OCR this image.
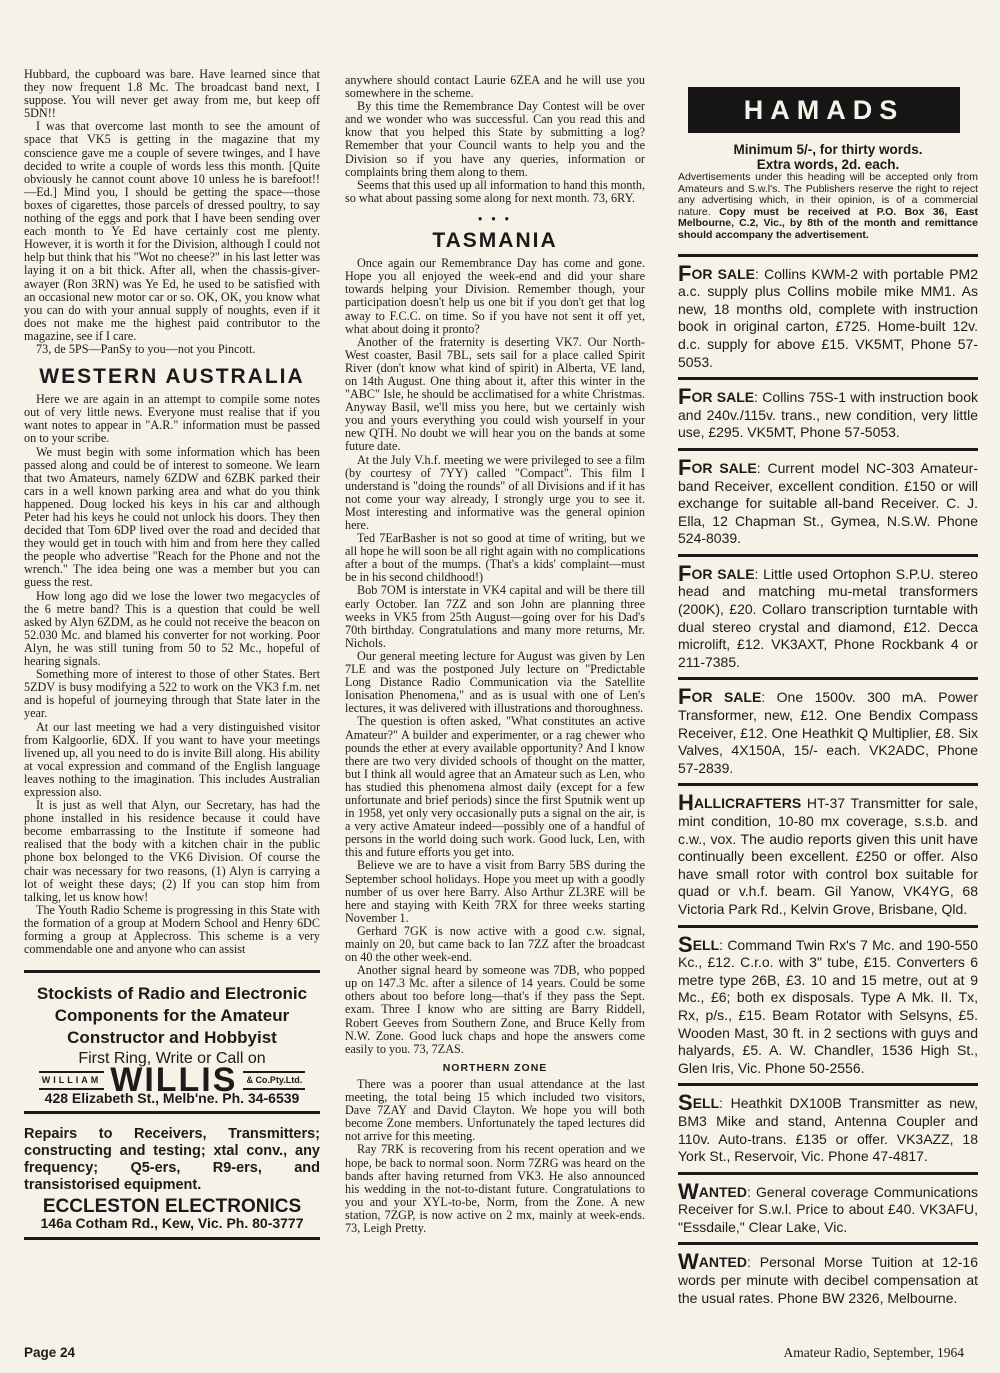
Hubbard, the cupboard was bare. Have learned since that they now frequent 1.8 Mc. The broadcast band next, I suppose. You will never get away from me, but keep off 5DN!!

I was that overcome last month to see the amount of space that VK5 is getting in the magazine that my conscience gave me a couple of severe twinges, and I have decided to write a couple of words less this month. [Quite obviously he cannot count above 10 unless he is barefoot!!—Ed.] Mind you, I should be getting the space—those boxes of cigarettes, those parcels of dressed poultry, to say nothing of the eggs and pork that I have been sending over each month to Ye Ed have certainly cost me plenty. However, it is worth it for the Division, although I could not help but think that his "Wot no cheese?" in his last letter was laying it on a bit thick. After all, when the chassis-giver-awayer (Ron 3RN) was Ye Ed, he used to be satisfied with an occasional new motor car or so. OK, OK, you know what you can do with your annual supply of noughts, even if it does not make me the highest paid contributor to the magazine, see if I care.

73, de 5PS—PanSy to you—not you Pincott.

WESTERN AUSTRALIA

Here we are again in an attempt to compile some notes out of very little news. Everyone must realise that if you want notes to appear in "A.R." information must be passed on to your scribe.

We must begin with some information which has been passed along and could be of interest to someone. We learn that two Amateurs, namely 6ZDW and 6ZBK parked their cars in a well known parking area and what do you think happened. Doug locked his keys in his car and although Peter had his keys he could not unlock his doors. They then decided that Tom 6DP lived over the road and decided that they would get in touch with him and from here they called the people who advertise "Reach for the Phone and not the wrench." The idea being one was a member but you can guess the rest.

How long ago did we lose the lower two megacycles of the 6 metre band? This is a question that could be well asked by Alyn 6ZDM, as he could not receive the beacon on 52.030 Mc. and blamed his converter for not working. Poor Alyn, he was still tuning from 50 to 52 Mc., hopeful of hearing signals.

Something more of interest to those of other States. Bert 5ZDV is busy modifying a 522 to work on the VK3 f.m. net and is hopeful of journeying through that State later in the year.

At our last meeting we had a very distinguished visitor from Kalgoorlie, 6DX. If you want to have your meetings livened up, all you need to do is invite Bill along. His ability at vocal expression and command of the English language leaves nothing to the imagination. This includes Australian expression also.

It is just as well that Alyn, our Secretary, has had the phone installed in his residence because it could have become embarrassing to the Institute if someone had realised that the body with a kitchen chair in the public phone box belonged to the VK6 Division. Of course the chair was necessary for two reasons, (1) Alyn is carrying a lot of weight these days; (2) If you can stop him from talking, let us know how!

The Youth Radio Scheme is progressing in this State with the formation of a group at Modern School and Henry 6DC forming a group at Applecross. This scheme is a very commendable one and anyone who can assist

Stockists of Radio and Electronic
Components for the Amateur
Constructor and Hobbyist
First Ring, Write or Call on
WILLIAM WILLIS	& Co.Pty.Ltd.
428 Elizabeth St., Melb'ne. Ph. 34-6539
Repairs to Receivers, Transmitters; constructing and testing; xtal conv., any frequency; Q5-ers, R9-ers, and transistorised equipment.
ECCLESTON ELECTRONICS
146a Cotham Rd., Kew, Vic. Ph. 80-3777

anywhere should contact Laurie 6ZEA and he will use you somewhere in the scheme.

By this time the Remembrance Day Contest will be over and we wonder who was successful. Can you read this and know that you helped this State by submitting a log? Remember that your Council wants to help you and the Division so if you have any queries, information or complaints bring them along to them.

Seems that this used up all information to hand this month, so what about passing some along for next month. 73, 6RY.

• • •
TASMANIA

Once again our Remembrance Day has come and gone. Hope you all enjoyed the week-end and did your share towards helping your Division. Remember though, your participation doesn't help us one bit if you don't get that log away to F.C.C. on time. So if you have not sent it off yet, what about doing it pronto?

Another of the fraternity is deserting VK7. Our North-West coaster, Basil 7BL, sets sail for a place called Spirit River (don't know what kind of spirit) in Alberta, VE land, on 14th August. One thing about it, after this winter in the "ABC" Isle, he should be acclimatised for a white Christmas. Anyway Basil, we'll miss you here, but we certainly wish you and yours everything you could wish yourself in your new QTH. No doubt we will hear you on the bands at some future date.

At the July V.h.f. meeting we were privileged to see a film (by courtesy of 7YY) called "Compact". This film I understand is "doing the rounds" of all Divisions and if it has not come your way already, I strongly urge you to see it. Most interesting and informative was the general opinion here.

Ted 7EarBasher is not so good at time of writing, but we all hope he will soon be all right again with no complications after a bout of the mumps. (That's a kids' complaint—must be in his second childhood!)

Bob 7OM is interstate in VK4 capital and will be there till early October. Ian 7ZZ and son John are planning three weeks in VK5 from 25th August—going over for his Dad's 70th birthday. Congratulations and many more returns, Mr. Nichols.

Our general meeting lecture for August was given by Len 7LE and was the postponed July lecture on "Predictable Long Distance Radio Communication via the Satellite Ionisation Phenomena," and as is usual with one of Len's lectures, it was delivered with illustrations and thoroughness.

The question is often asked, "What constitutes an active Amateur?" A builder and experimenter, or a rag chewer who pounds the ether at every available opportunity? And I know there are two very divided schools of thought on the matter, but I think all would agree that an Amateur such as Len, who has studied this phenomena almost daily (except for a few unfortunate and brief periods) since the first Sputnik went up in 1958, yet only very occasionally puts a signal on the air, is a very active Amateur indeed—possibly one of a handful of persons in the world doing such work. Good luck, Len, with this and future efforts you get into.

Believe we are to have a visit from Barry 5BS during the September school holidays. Hope you meet up with a goodly number of us over here Barry. Also Arthur ZL3RE will be here and staying with Keith 7RX for three weeks starting November 1.

Gerhard 7GK is now active with a good c.w. signal, mainly on 20, but came back to Ian 7ZZ after the broadcast on 40 the other week-end.

Another signal heard by someone was 7DB, who popped up on 147.3 Mc. after a silence of 14 years. Could be some others about too before long—that's if they pass the Sept. exam. Three I know who are sitting are Barry Riddell, Robert Geeves from Southern Zone, and Bruce Kelly from N.W. Zone. Good luck chaps and hope the answers come easily to you. 73, 7ZAS.

NORTHERN ZONE

There was a poorer than usual attendance at the last meeting, the total being 15 which included two visitors, Dave 7ZAY and David Clayton. We hope you will both become Zone members. Unfortunately the taped lectures did not arrive for this meeting.

Ray 7RK is recovering from his recent operation and we hope, be back to normal soon. Norm 7ZRG was heard on the bands after having returned from VK3. He also announced his wedding in the not-to-distant future. Congratulations to you and your XYL-to-be, Norm, from the Zone. A new station, 7ZGP, is now active on 2 mx, mainly at week-ends. 73, Leigh Pretty.

HAMADS
Minimum 5/-, for thirty words.
Extra words, 2d. each.
Advertisements under this heading will be accepted only from Amateurs and S.w.l's. The Publishers reserve the right to reject any advertising which, in their opinion, is of a commercial nature. Copy must be received at P.O. Box 36, East Melbourne, C.2, Vic., by 8th of the month and remittance should accompany the advertisement.
FOR SALE: Collins KWM-2 with portable PM2 a.c. supply plus Collins mobile mike MM1. As new, 18 months old, complete with instruction book in original carton, £725. Home-built 12v. d.c. supply for above £15. VK5MT, Phone 57-5053.
FOR SALE: Collins 75S-1 with instruction book and 240v./115v. trans., new condition, very little use, £295. VK5MT, Phone 57-5053.
FOR SALE: Current model NC-303 Amateur-band Receiver, excellent condition. £150 or will exchange for suitable all-band Receiver. C. J. Ella, 12 Chapman St., Gymea, N.S.W. Phone 524-8039.
FOR SALE: Little used Ortophon S.P.U. stereo head and matching mu-metal transformers (200K), £20. Collaro transcription turntable with dual stereo crystal and diamond, £12. Decca microlift, £12. VK3AXT, Phone Rockbank 4 or 211-7385.
FOR SALE: One 1500v. 300 mA. Power Transformer, new, £12. One Bendix Compass Receiver, £12. One Heathkit Q Multiplier, £8. Six Valves, 4X150A, 15/- each. VK2ADC, Phone 57-2839.
HALLICRAFTERS HT-37 Transmitter for sale, mint condition, 10-80 mx coverage, s.s.b. and c.w., vox. The audio reports given this unit have continually been excellent. £250 or offer. Also have small rotor with control box suitable for quad or v.h.f. beam. Gil Yanow, VK4YG, 68 Victoria Park Rd., Kelvin Grove, Brisbane, Qld.
SELL: Command Twin Rx's 7 Mc. and 190-550 Kc., £12. C.r.o. with 3" tube, £15. Converters 6 metre type 26B, £3. 10 and 15 metre, out at 9 Mc., £6; both ex disposals. Type A Mk. II. Tx, Rx, p/s., £15. Beam Rotator with Selsyns, £5. Wooden Mast, 30 ft. in 2 sections with guys and halyards, £5. A. W. Chandler, 1536 High St., Glen Iris, Vic. Phone 50-2556.
SELL: Heathkit DX100B Transmitter as new, BM3 Mike and stand, Antenna Coupler and 110v. Auto-trans. £135 or offer. VK3AZZ, 18 York St., Reservoir, Vic. Phone 47-4817.
WANTED: General coverage Communications Receiver for S.w.l. Price to about £40. VK3AFU, "Essdaile," Clear Lake, Vic.
WANTED: Personal Morse Tuition at 12-16 words per minute with decibel compensation at the usual rates. Phone BW 2326, Melbourne.
Page 24	Amateur Radio, September, 1964
